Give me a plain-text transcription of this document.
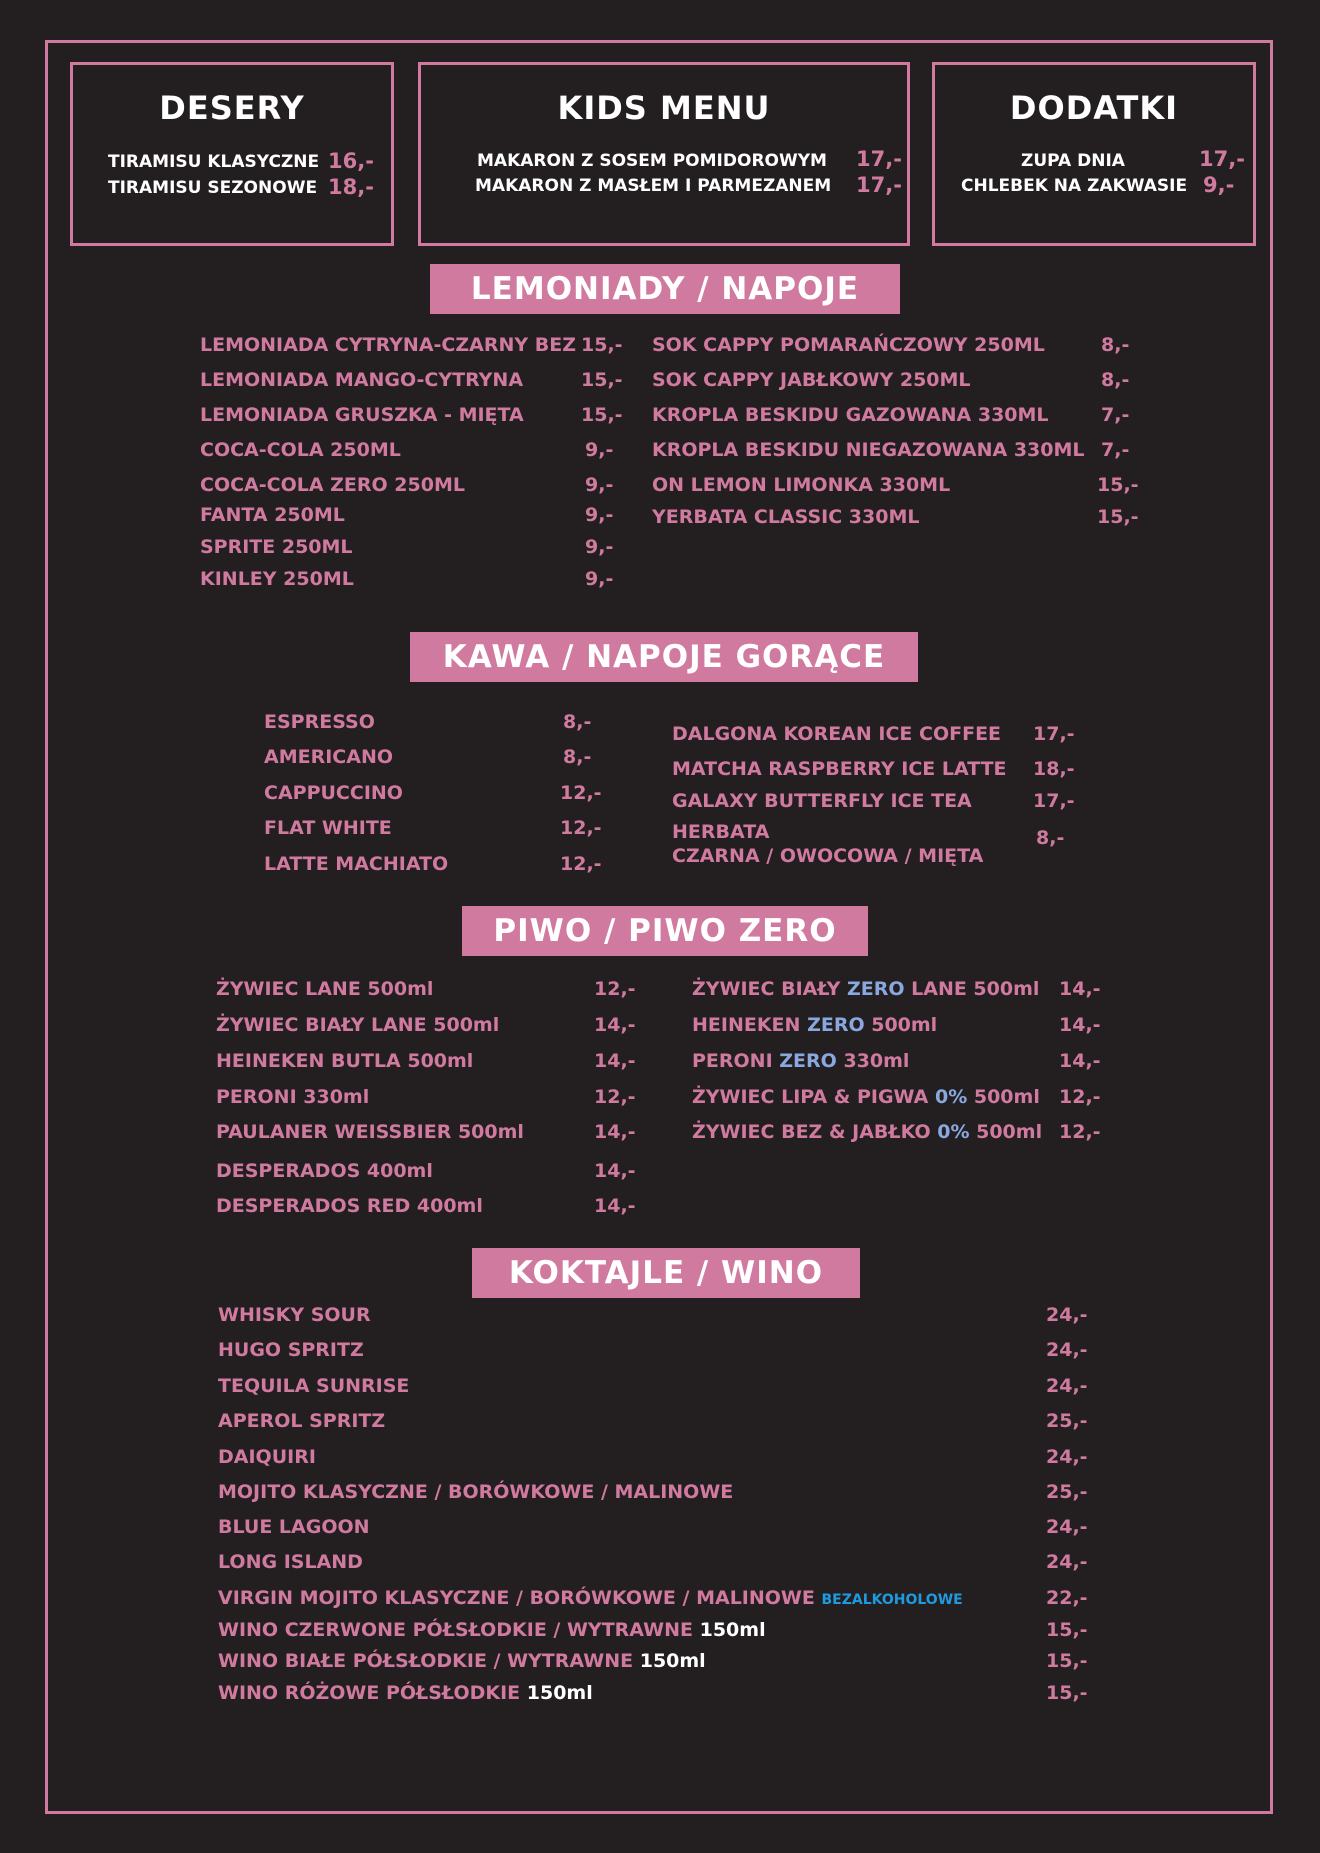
DESERY
TIRAMISU KLASYCZNE 16,-
TIRAMISU SEZONOWE 18,-
KIDS MENU
MAKARON Z SOSEM POMIDOROWYM 17,-
MAKARON Z MASŁEM I PARMEZANEM 17,-
DODATKI
ZUPA DNIA	17,-
CHLEBEK NA ZAKWASIE 9,-
LEMONIADY / NAPOJE
LEMONIADA CYTRYNA-CZARNY BEZ 15,-
LEMONIADA MANGO-CYTRYNA	15,-
LEMONIADA GRUSZKA - MIĘTA	15,-
COCA-COLA 250ML	9,-
COCA-COLA ZERO 250ML	9,-
FANTA 250ML	9,-
SPRITE 250ML	9,-
KINLEY 250ML	9,-
SOK CAPPY POMARAŃCZOWY 250ML	8,-
SOK CAPPY JABŁKOWY 250ML	8,-
KROPLA BESKIDU GAZOWANA 330ML	7,-
KROPLA BESKIDU NIEGAZOWANA 330ML 7,-
ON LEMON LIMONKA 330ML	15,-
YERBATA CLASSIC 330ML	15,-
KAWA / NAPOJE GORĄCE
ESPRESSO	8,-
AMERICANO	8,-
CAPPUCCINO	12,-
FLAT WHITE	12,-
LATTE MACHIATO	12,-
DALGONA KOREAN ICE COFFEE 17,-
MATCHA RASPBERRY ICE LATTE 18,-
GALAXY BUTTERFLY ICE TEA	17,-
HERBATA
CZARNA / OWOCOWA / MIĘTA
8,-
PIWO / PIWO ZERO
ŻYWIEC LANE 500ml	12,-
ŻYWIEC BIAŁY LANE 500ml	14,-
HEINEKEN BUTLA 500ml	14,-
PERONI 330ml	12,-
PAULANER WEISSBIER 500ml	14,-
DESPERADOS 400ml	14,-
DESPERADOS RED 400ml	14,-
ŻYWIEC BIAŁY ZERO LANE 500ml 14,-
HEINEKEN ZERO 500ml	14,-
PERONI ZERO 330ml	14,-
ŻYWIEC LIPA & PIGWA 0% 500ml 12,-
ŻYWIEC BEZ & JABŁKO 0% 500ml 12,-
KOKTAJLE / WINO
WHISKY SOUR	24,-
HUGO SPRITZ	24,-
TEQUILA SUNRISE	24,-
APEROL SPRITZ	25,-
DAIQUIRI	24,-
MOJITO KLASYCZNE / BORÓWKOWE / MALINOWE	25,-
BLUE LAGOON	24,-
LONG ISLAND	24,-
VIRGIN MOJITO KLASYCZNE / BORÓWKOWE / MALINOWE BEZALKOHOLOWE	22,-
WINO CZERWONE PÓŁSŁODKIE / WYTRAWNE 150ml	15,-
WINO BIAŁE PÓŁSŁODKIE / WYTRAWNE 150ml	15,-
WINO RÓŻOWE PÓŁSŁODKIE 150ml	15,-
